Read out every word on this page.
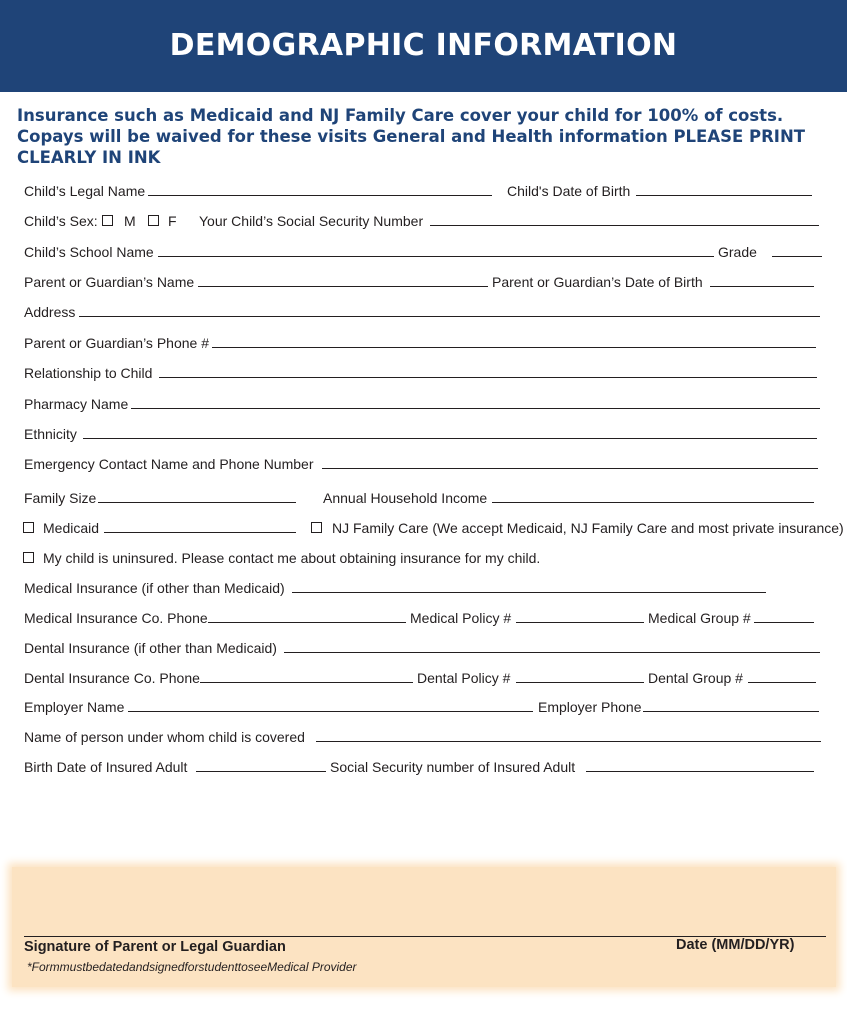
DEMOGRAPHIC INFORMATION
Insurance such as Medicaid and NJ Family Care cover your child for 100% of costs. Copays will be waived for these visits General and Health information PLEASE PRINT CLEARLY IN INK
Child’s Legal Name	Child's Date of Birth
Child’s Sex: M F Your Child’s Social Security Number
Child’s School Name	Grade
Parent or Guardian’s Name	Parent or Guardian’s Date of Birth
Address
Parent or Guardian’s Phone #
Relationship to Child
Pharmacy Name
Ethnicity
Emergency Contact Name and Phone Number
Family Size	Annual Household Income
Medicaid	NJ Family Care (We accept Medicaid, NJ Family Care and most private insurance)
My child is uninsured. Please contact me about obtaining insurance for my child.
Medical Insurance (if other than Medicaid)
Medical Insurance Co. Phone	Medical Policy #	Medical Group #
Dental Insurance (if other than Medicaid)
Dental Insurance Co. Phone	Dental Policy #	Dental Group #
Employer Name	Employer Phone
Name of person under whom child is covered
Birth Date of Insured Adult	Social Security number of Insured Adult
Signature of Parent or Legal Guardian	Date (MM/DD/YR)
*FormmustbedatedandsignedforstudenttoseeMedical Provider
